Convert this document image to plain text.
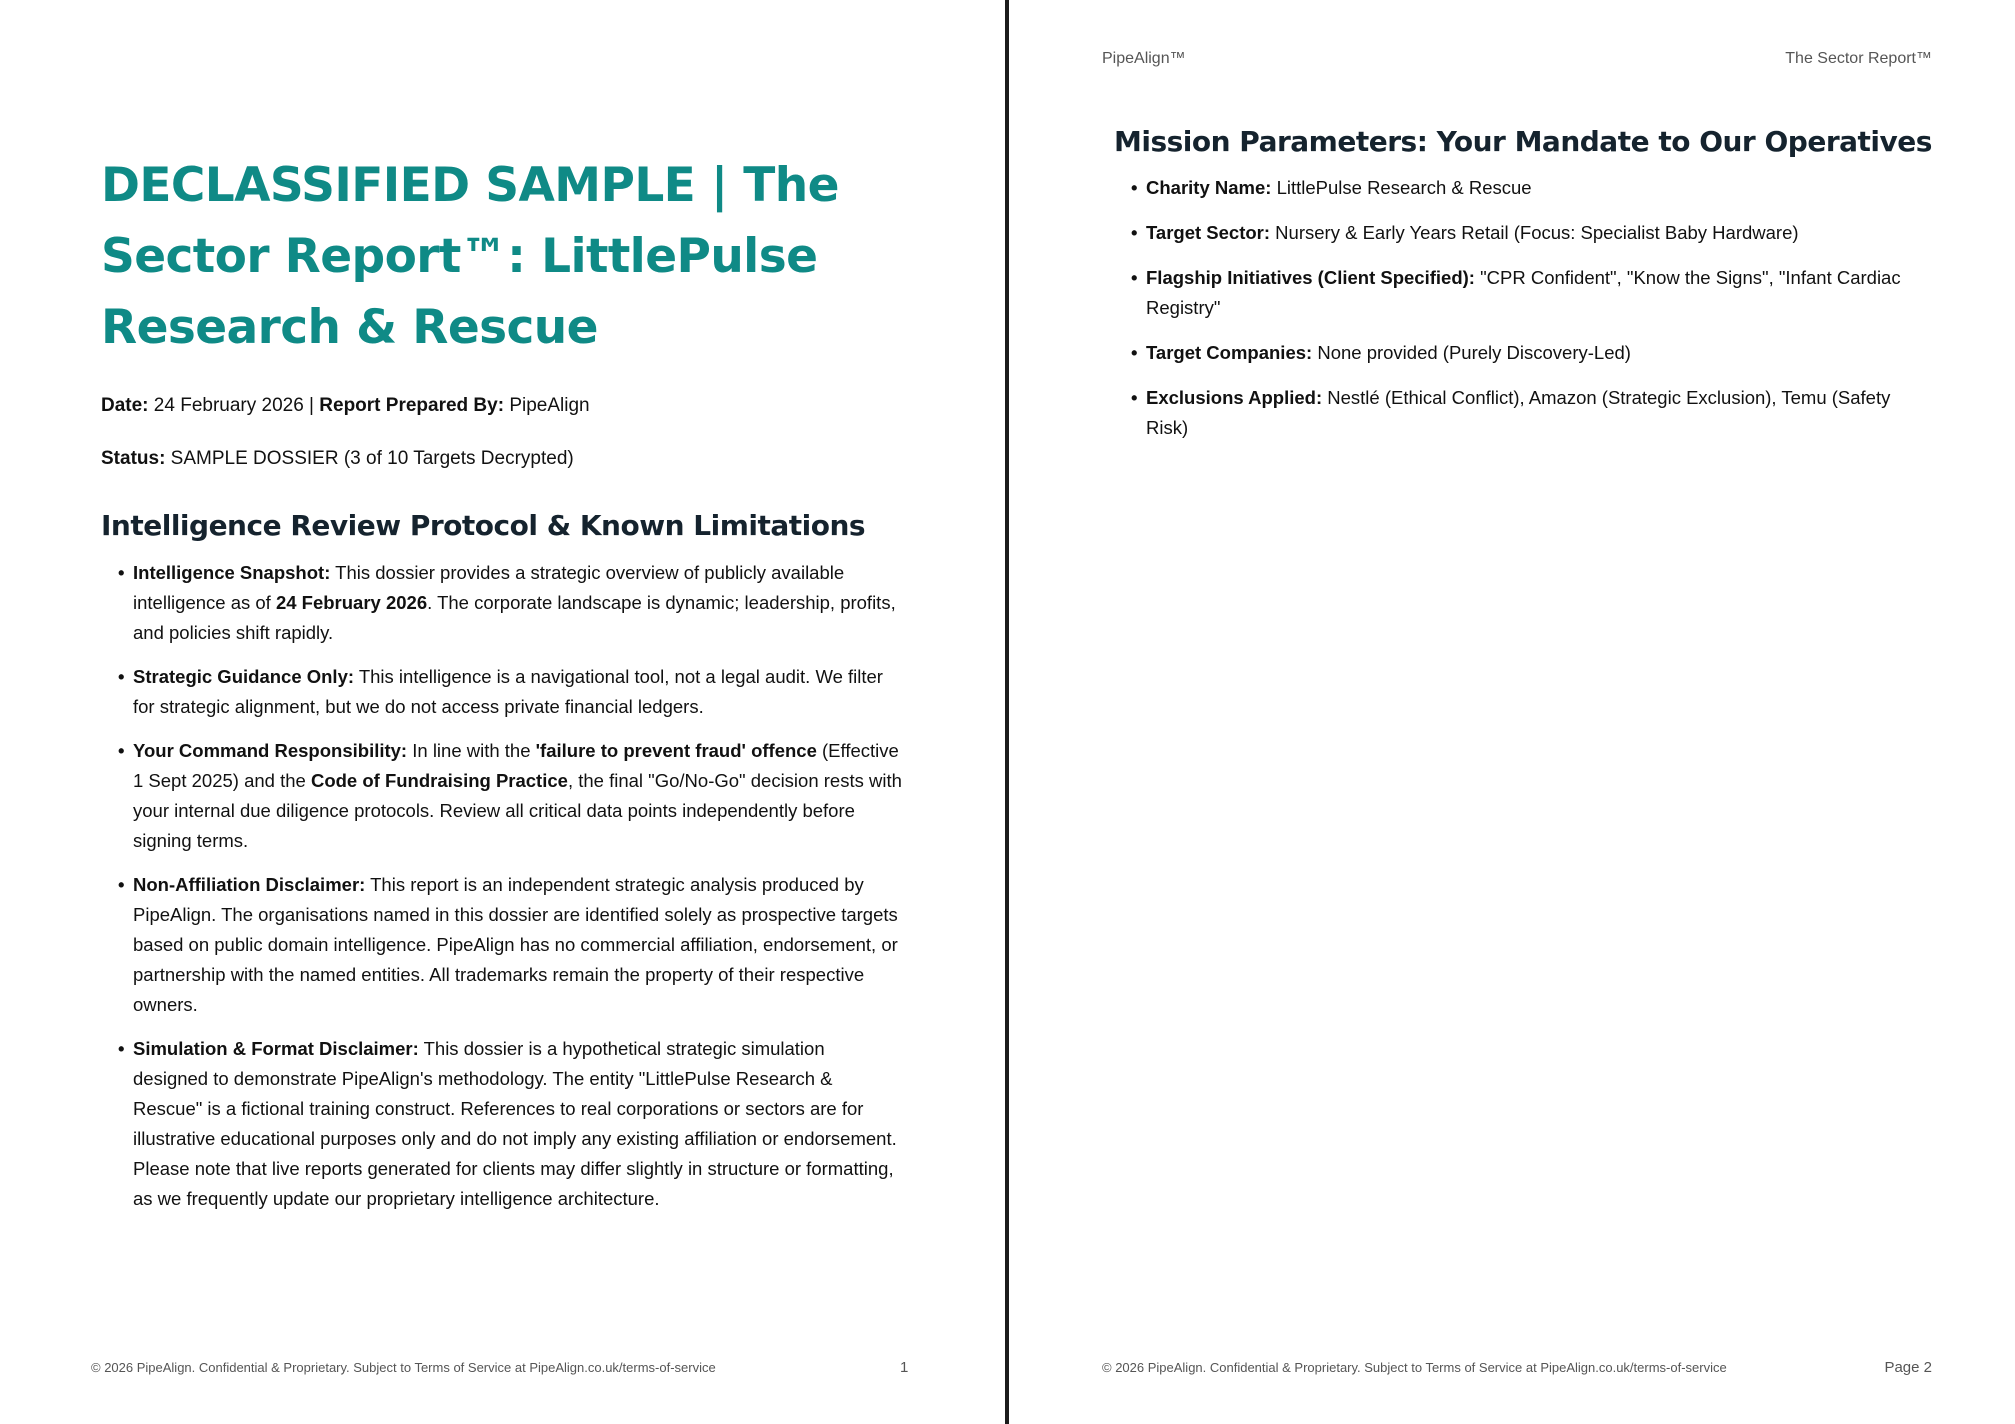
DECLASSIFIED SAMPLE | The Sector Report™: LittlePulse Research & Rescue

Date: 24 February 2026 | Report Prepared By: PipeAlign

Status: SAMPLE DOSSIER (3 of 10 Targets Decrypted)

Intelligence Review Protocol & Known Limitations
• Intelligence Snapshot: This dossier provides a strategic overview of publicly available intelligence as of 24 February 2026. The corporate landscape is dynamic; leadership, profits, and policies shift rapidly.
• Strategic Guidance Only: This intelligence is a navigational tool, not a legal audit. We filter for strategic alignment, but we do not access private financial ledgers.
• Your Command Responsibility: In line with the 'failure to prevent fraud' offence (Effective 1 Sept 2025) and the Code of Fundraising Practice, the final "Go/No-Go" decision rests with your internal due diligence protocols. Review all critical data points independently before signing terms.
• Non-Affiliation Disclaimer: This report is an independent strategic analysis produced by PipeAlign. The organisations named in this dossier are identified solely as prospective targets based on public domain intelligence. PipeAlign has no commercial affiliation, endorsement, or partnership with the named entities. All trademarks remain the property of their respective owners.
• Simulation & Format Disclaimer: This dossier is a hypothetical strategic simulation designed to demonstrate PipeAlign's methodology. The entity "LittlePulse Research & Rescue" is a fictional training construct. References to real corporations or sectors are for illustrative educational purposes only and do not imply any existing affiliation or endorsement. Please note that live reports generated for clients may differ slightly in structure or formatting, as we frequently update our proprietary intelligence architecture.
© 2026 PipeAlign. Confidential & Proprietary. Subject to Terms of Service at PipeAlign.co.uk/terms-of-service	1
PipeAlign™	The Sector Report™
Mission Parameters: Your Mandate to Our Operatives
• Charity Name: LittlePulse Research & Rescue
• Target Sector: Nursery & Early Years Retail (Focus: Specialist Baby Hardware)
• Flagship Initiatives (Client Specified): "CPR Confident", "Know the Signs", "Infant Cardiac Registry"
• Target Companies: None provided (Purely Discovery-Led)
• Exclusions Applied: Nestlé (Ethical Conflict), Amazon (Strategic Exclusion), Temu (Safety Risk)
© 2026 PipeAlign. Confidential & Proprietary. Subject to Terms of Service at PipeAlign.co.uk/terms-of-service	Page 2
